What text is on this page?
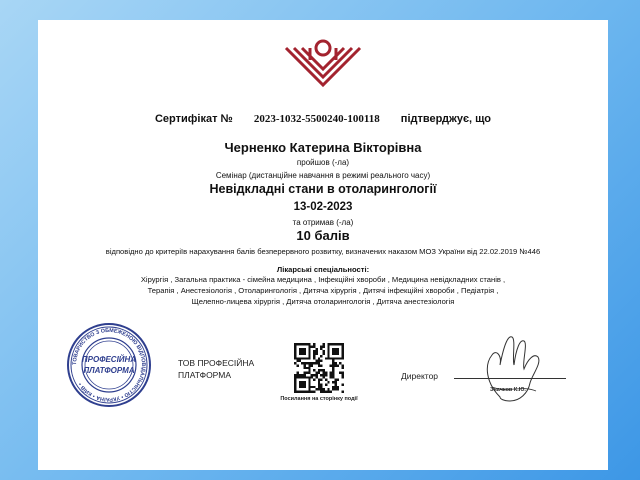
Сертифікат № 2023-1032-5500240-100118 підтверджує, що
Черненко Катерина Вікторівна
пройшов (-ла)
Семінар (дистанційне навчання в режимі реального часу)
Невідкладні стани в отоларингології
13-02-2023
та отримав (-ла)
10 балів
відповідно до критеріїв нарахування балів безперервного розвитку, визначених наказом МОЗ України від 22.02.2019 №446
Лікарські спеціальності:
Хірургія , Загальна практика - сімейна медицина , Інфекційні хвороби , Медицина невідкладних станів , Терапія , Анестезіологія , Отоларингологія , Дитяча хірургія , Дитячі інфекційні хвороби , Педіатрія , Щелепно-лицева хірургія , Дитяча отоларингологія , Дитяча анестезіологія
ТОВАРИСТВО З ОБМЕЖЕНОЮ ВІДПОВІДАЛЬНІСТЮ • УКРАЇНА • КИЇВ •
ПРОФЕСІЙНА
ПЛАТФОРМА
ТОВ ПРОФЕСІЙНА
ПЛАТФОРМА
Посилання на сторінку події
Директор
Значков К.Ю.
